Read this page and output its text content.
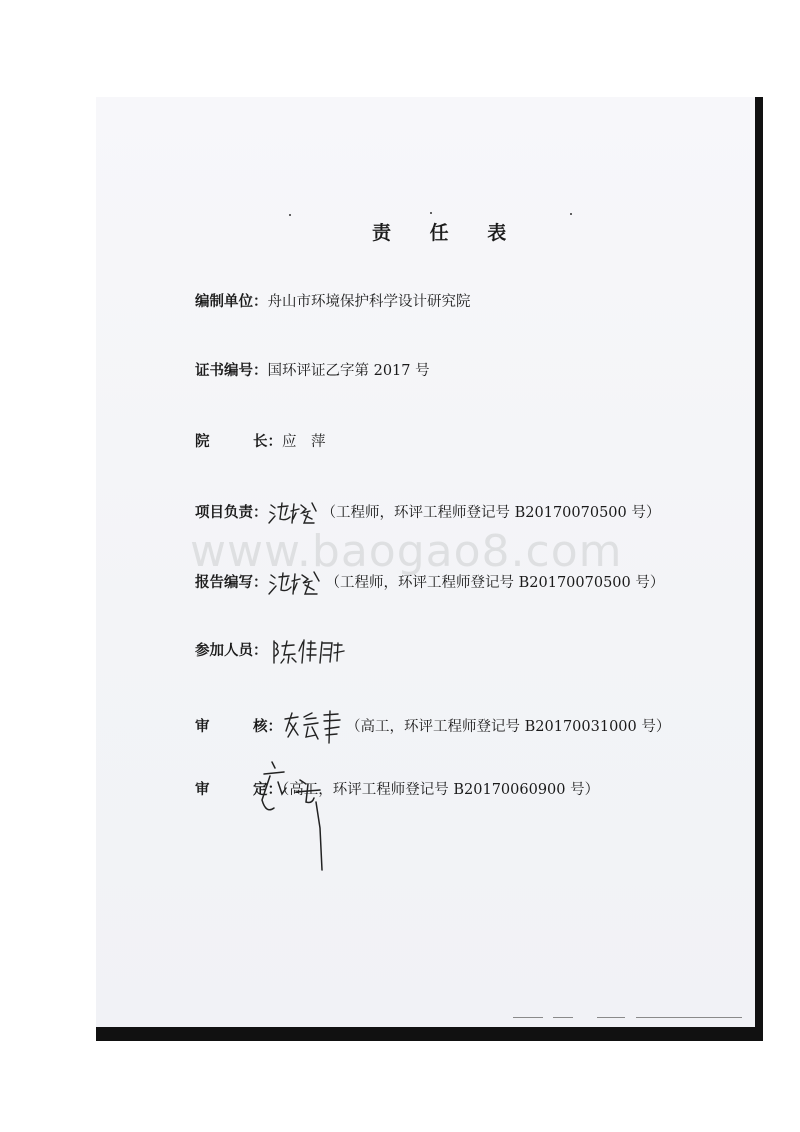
责 任 表
编制单位：舟山市环境保护科学设计研究院
证书编号：国环评证乙字第 2017 号
院	长：应　萍
项目负责：	（工程师，环评工程师登记号 B20170070500 号）
www.baogao8.com
报告编写：	（工程师，环评工程师登记号 B20170070500 号）
参加人员：
审	核：	（高工，环评工程师登记号 B20170031000 号）
审	定：（高工，环评工程师登记号 B20170060900 号）
